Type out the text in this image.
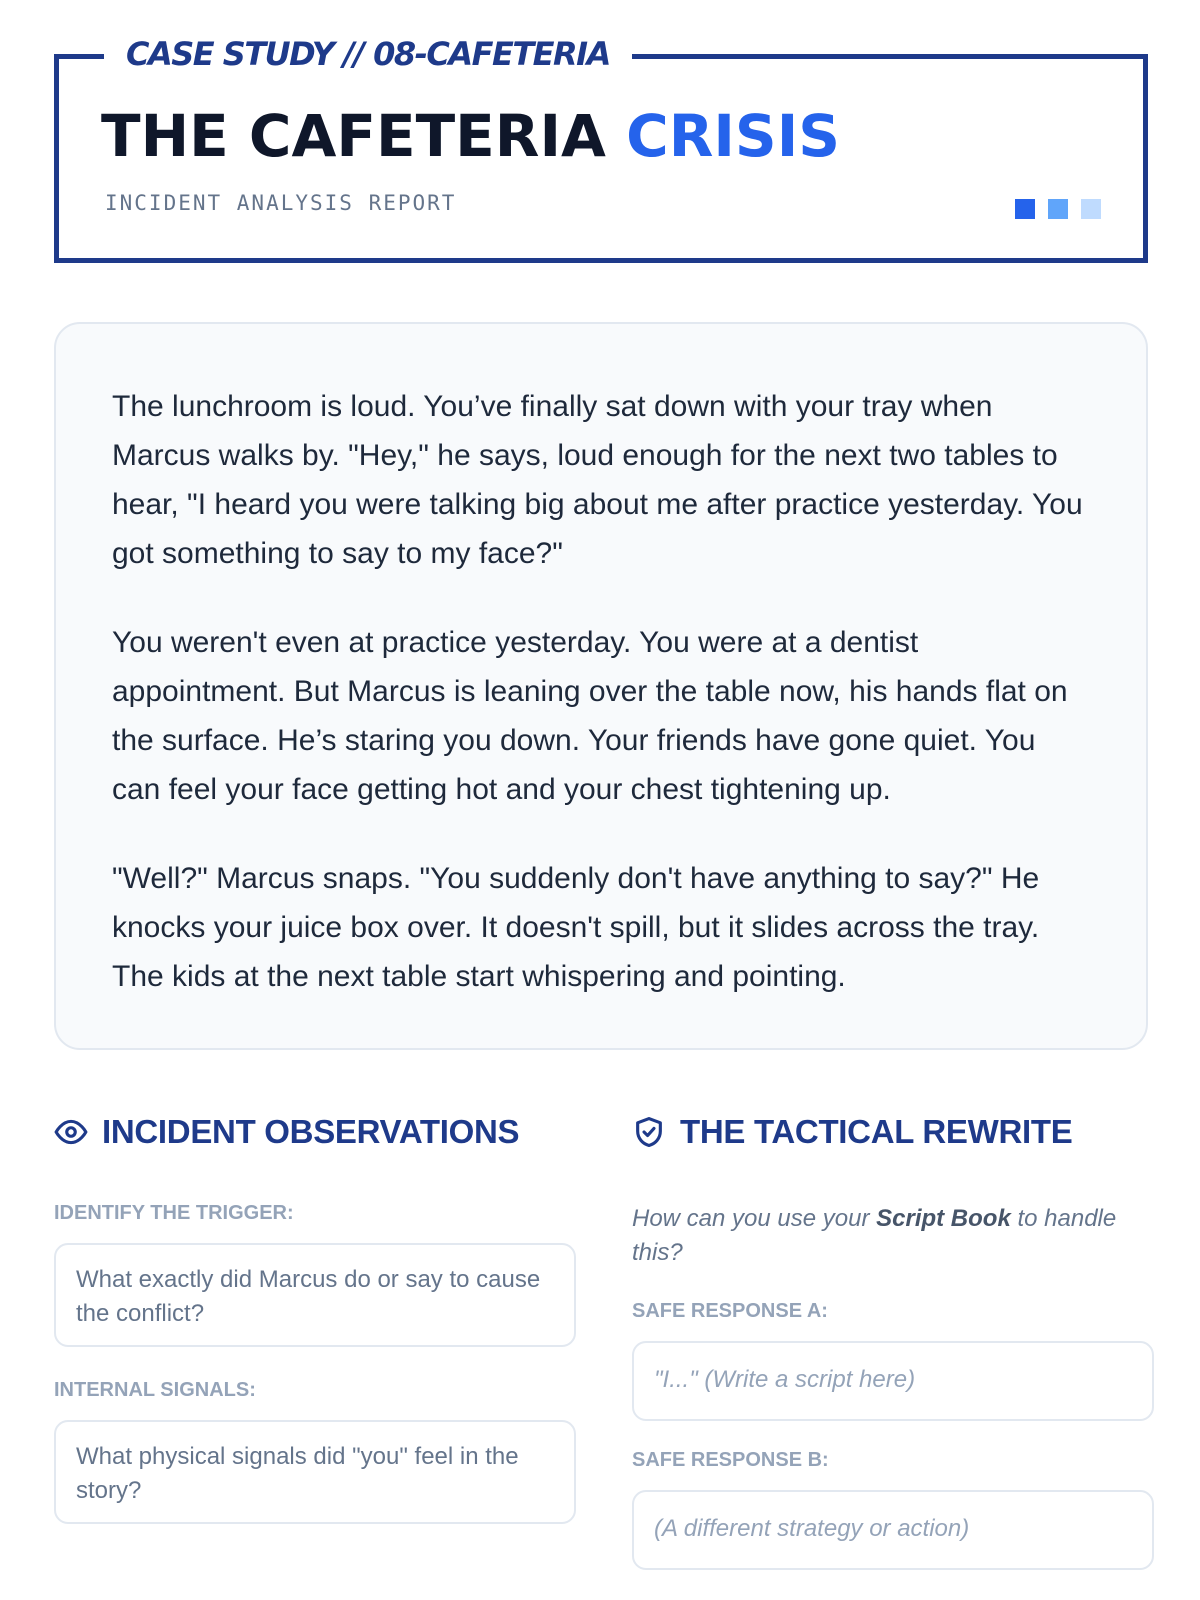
CASE STUDY // 08-CAFETERIA
THE CAFETERIA CRISIS
INCIDENT ANALYSIS REPORT

The lunchroom is loud. You’ve finally sat down with your tray when Marcus walks by. "Hey," he says, loud enough for the next two tables to hear, "I heard you were talking big about me after practice yesterday. You got something to say to my face?"

You weren't even at practice yesterday. You were at a dentist appointment. But Marcus is leaning over the table now, his hands flat on the surface. He’s staring you down. Your friends have gone quiet. You can feel your face getting hot and your chest tightening up.

"Well?" Marcus snaps. "You suddenly don't have anything to say?" He knocks your juice box over. It doesn't spill, but it slides across the tray. The kids at the next table start whispering and pointing.

INCIDENT OBSERVATIONS
IDENTIFY THE TRIGGER:
What exactly did Marcus do or say to cause the conflict?
INTERNAL SIGNALS:
What physical signals did "you" feel in the story?
THE TACTICAL REWRITE

How can you use your Script Book to handle this?

SAFE RESPONSE A:
"I..." (Write a script here)
SAFE RESPONSE B:
(A different strategy or action)
